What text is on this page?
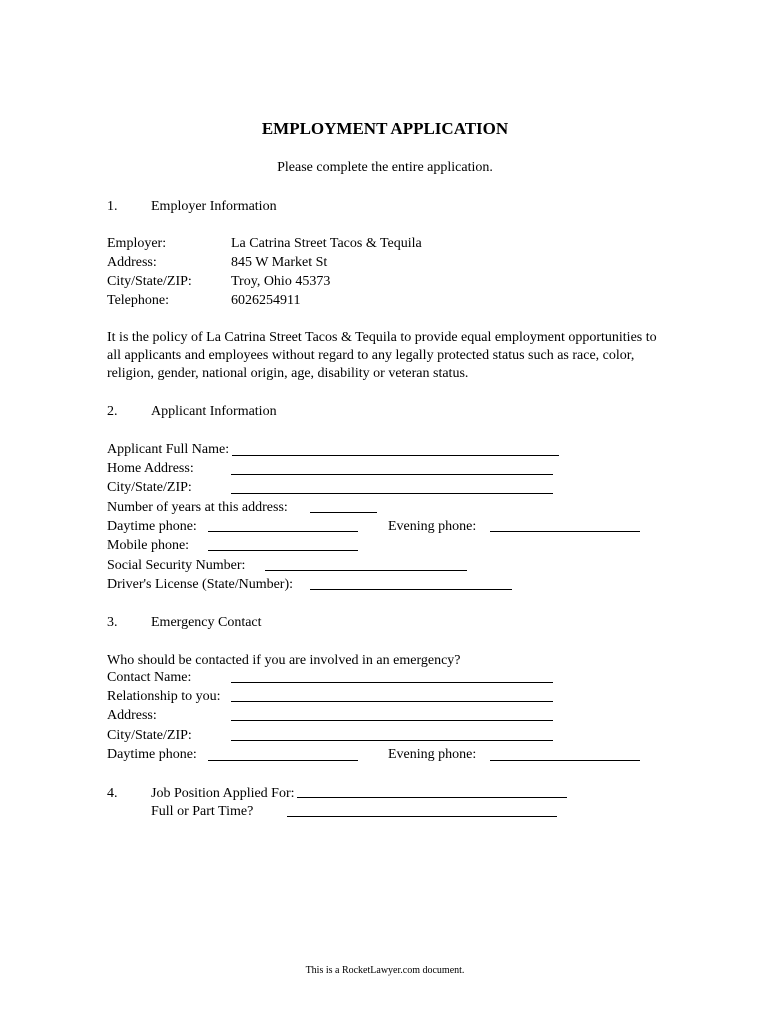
EMPLOYMENT APPLICATION
Please complete the entire application.
1. Employer Information
Employer:	La Catrina Street Tacos & Tequila
Address:	845 W Market St
City/State/ZIP:	Troy, Ohio 45373
Telephone:	6026254911
It is the policy of La Catrina Street Tacos & Tequila to provide equal employment opportunities to
all applicants and employees without regard to any legally protected status such as race, color,
religion, gender, national origin, age, disability or veteran status.
2. Applicant Information
Applicant Full Name:
Home Address:
City/State/ZIP:
Number of years at this address:
Daytime phone:	Evening phone:
Mobile phone:
Social Security Number:
Driver's License (State/Number):
3. Emergency Contact
Who should be contacted if you are involved in an emergency?
Contact Name:
Relationship to you:
Address:
City/State/ZIP:
Daytime phone:	Evening phone:
4. Job Position Applied For:
Full or Part Time?
This is a RocketLawyer.com document.
